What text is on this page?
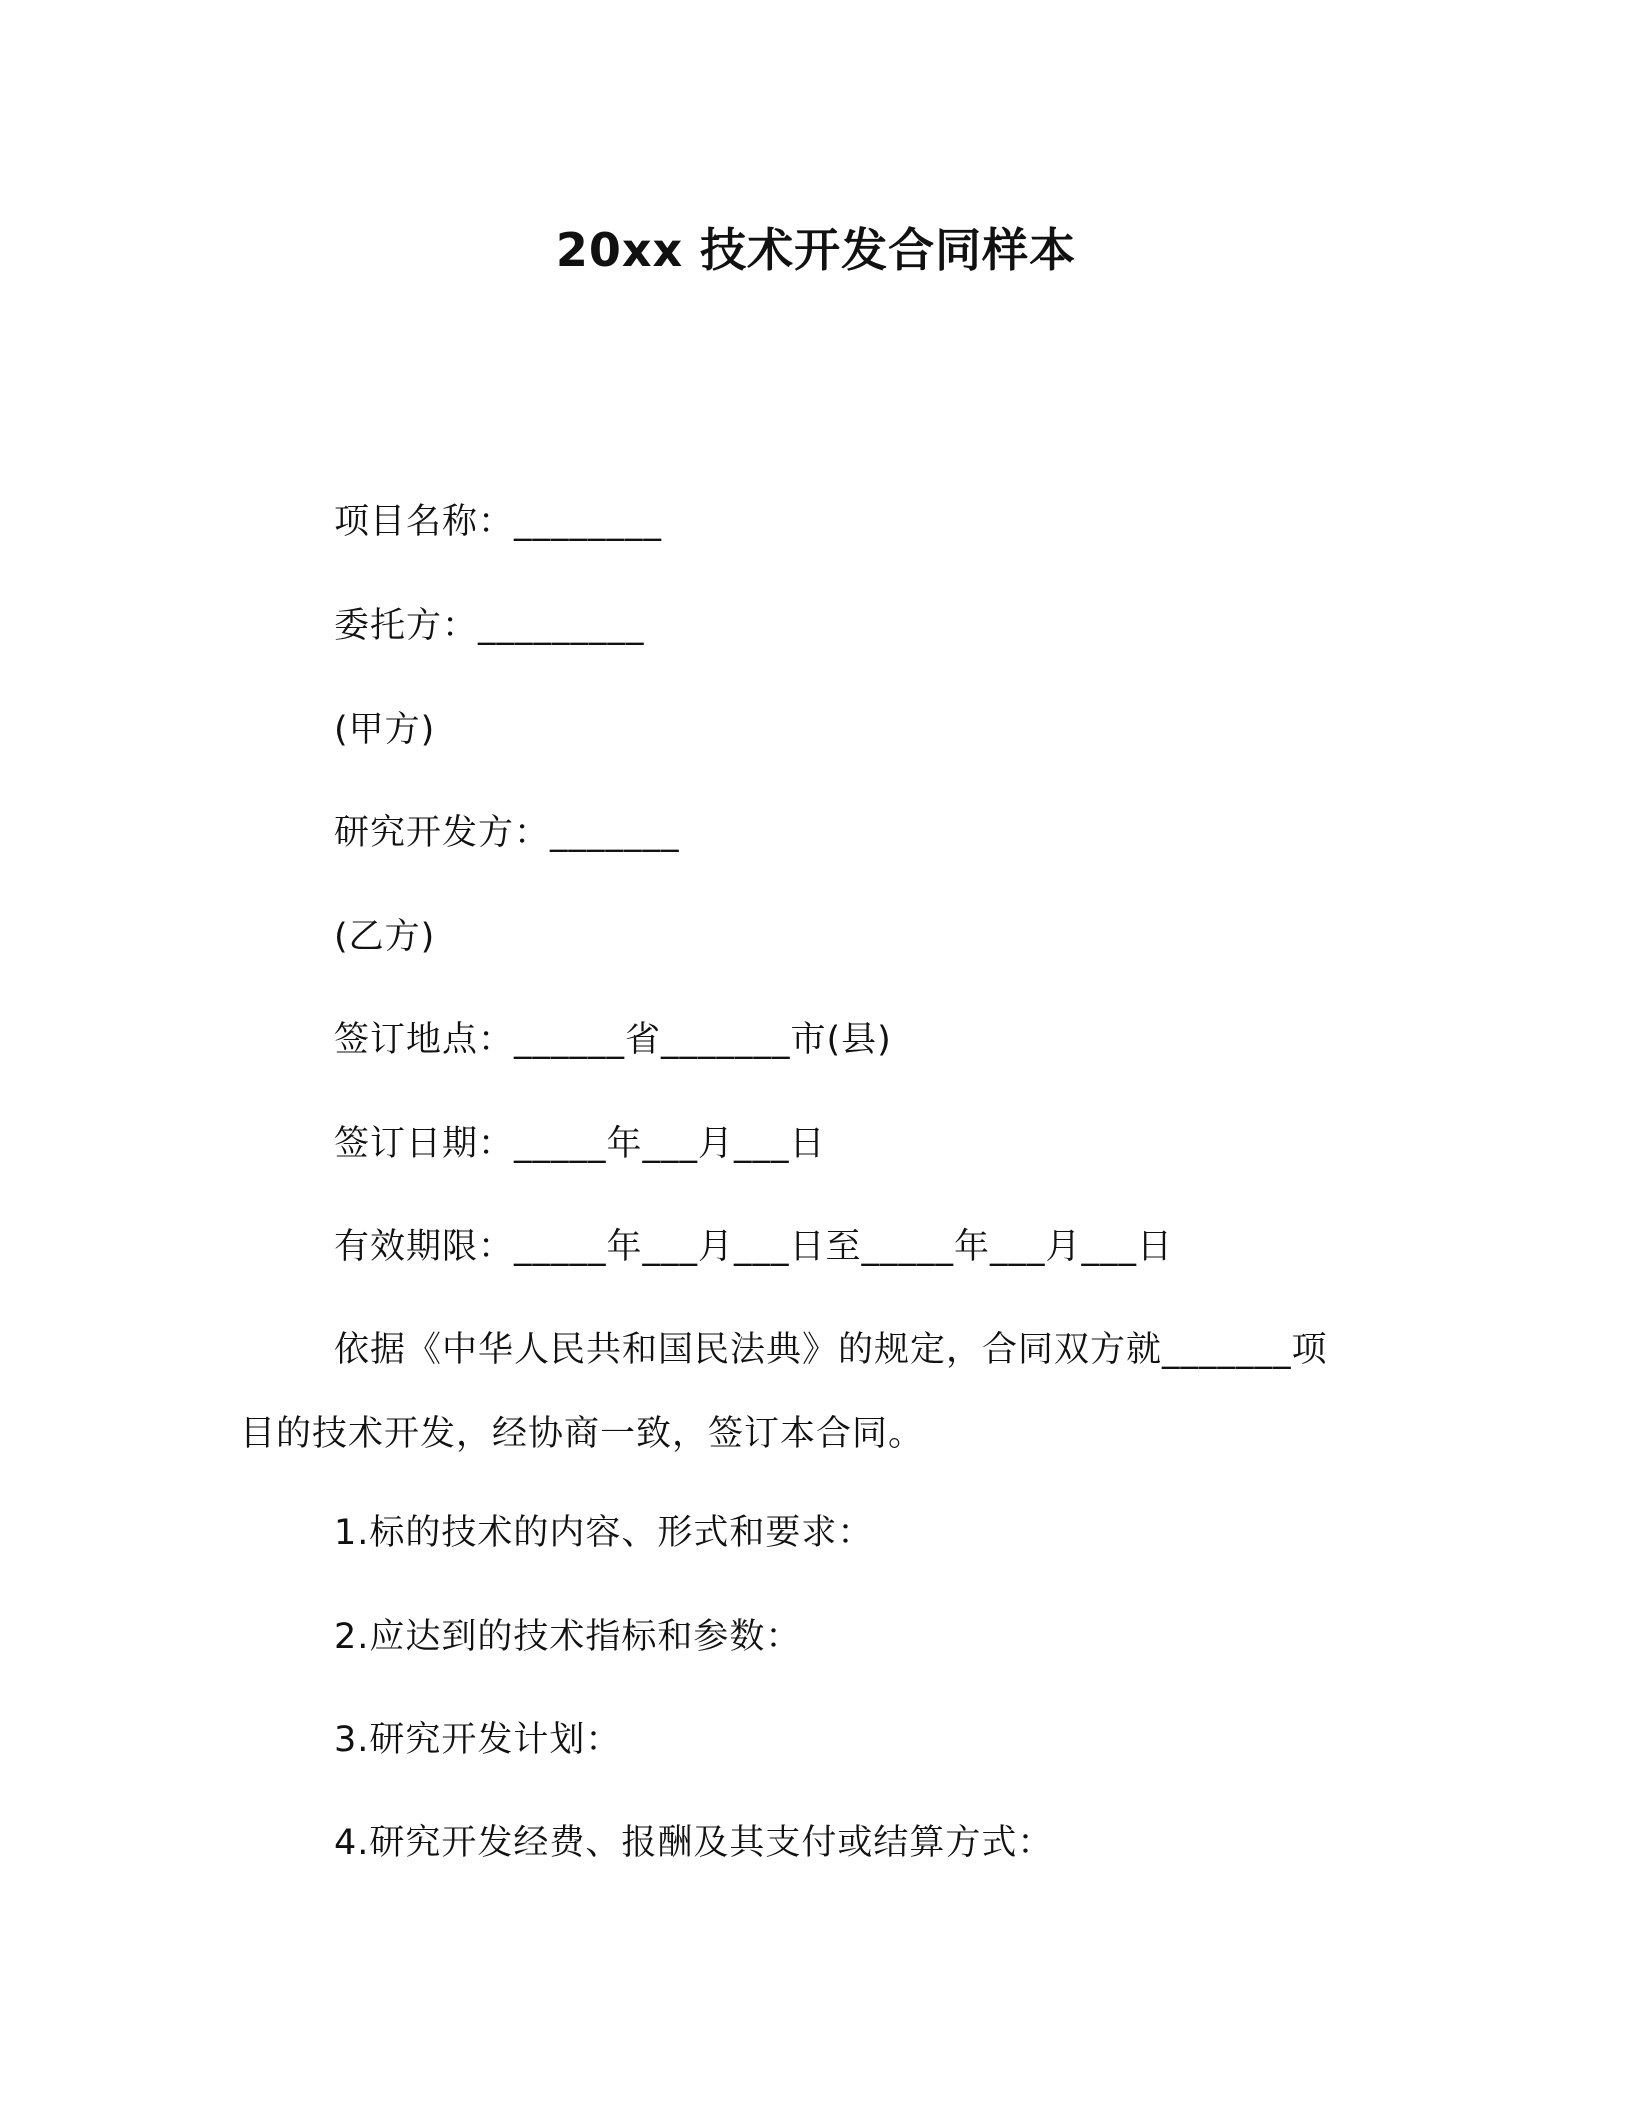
20xx 技术开发合同样本
项目名称：________
委托方：_________
(甲方)
研究开发方：_______
(乙方)
签订地点：______省_______市(县)
签订日期：_____年___月___日
有效期限：_____年___月___日至_____年___月___日
依据《中华人民共和国民法典》的规定，合同双方就_______项
目的技术开发，经协商一致，签订本合同。
1.标的技术的内容、形式和要求：
2.应达到的技术指标和参数：
3.研究开发计划：
4.研究开发经费、报酬及其支付或结算方式：
